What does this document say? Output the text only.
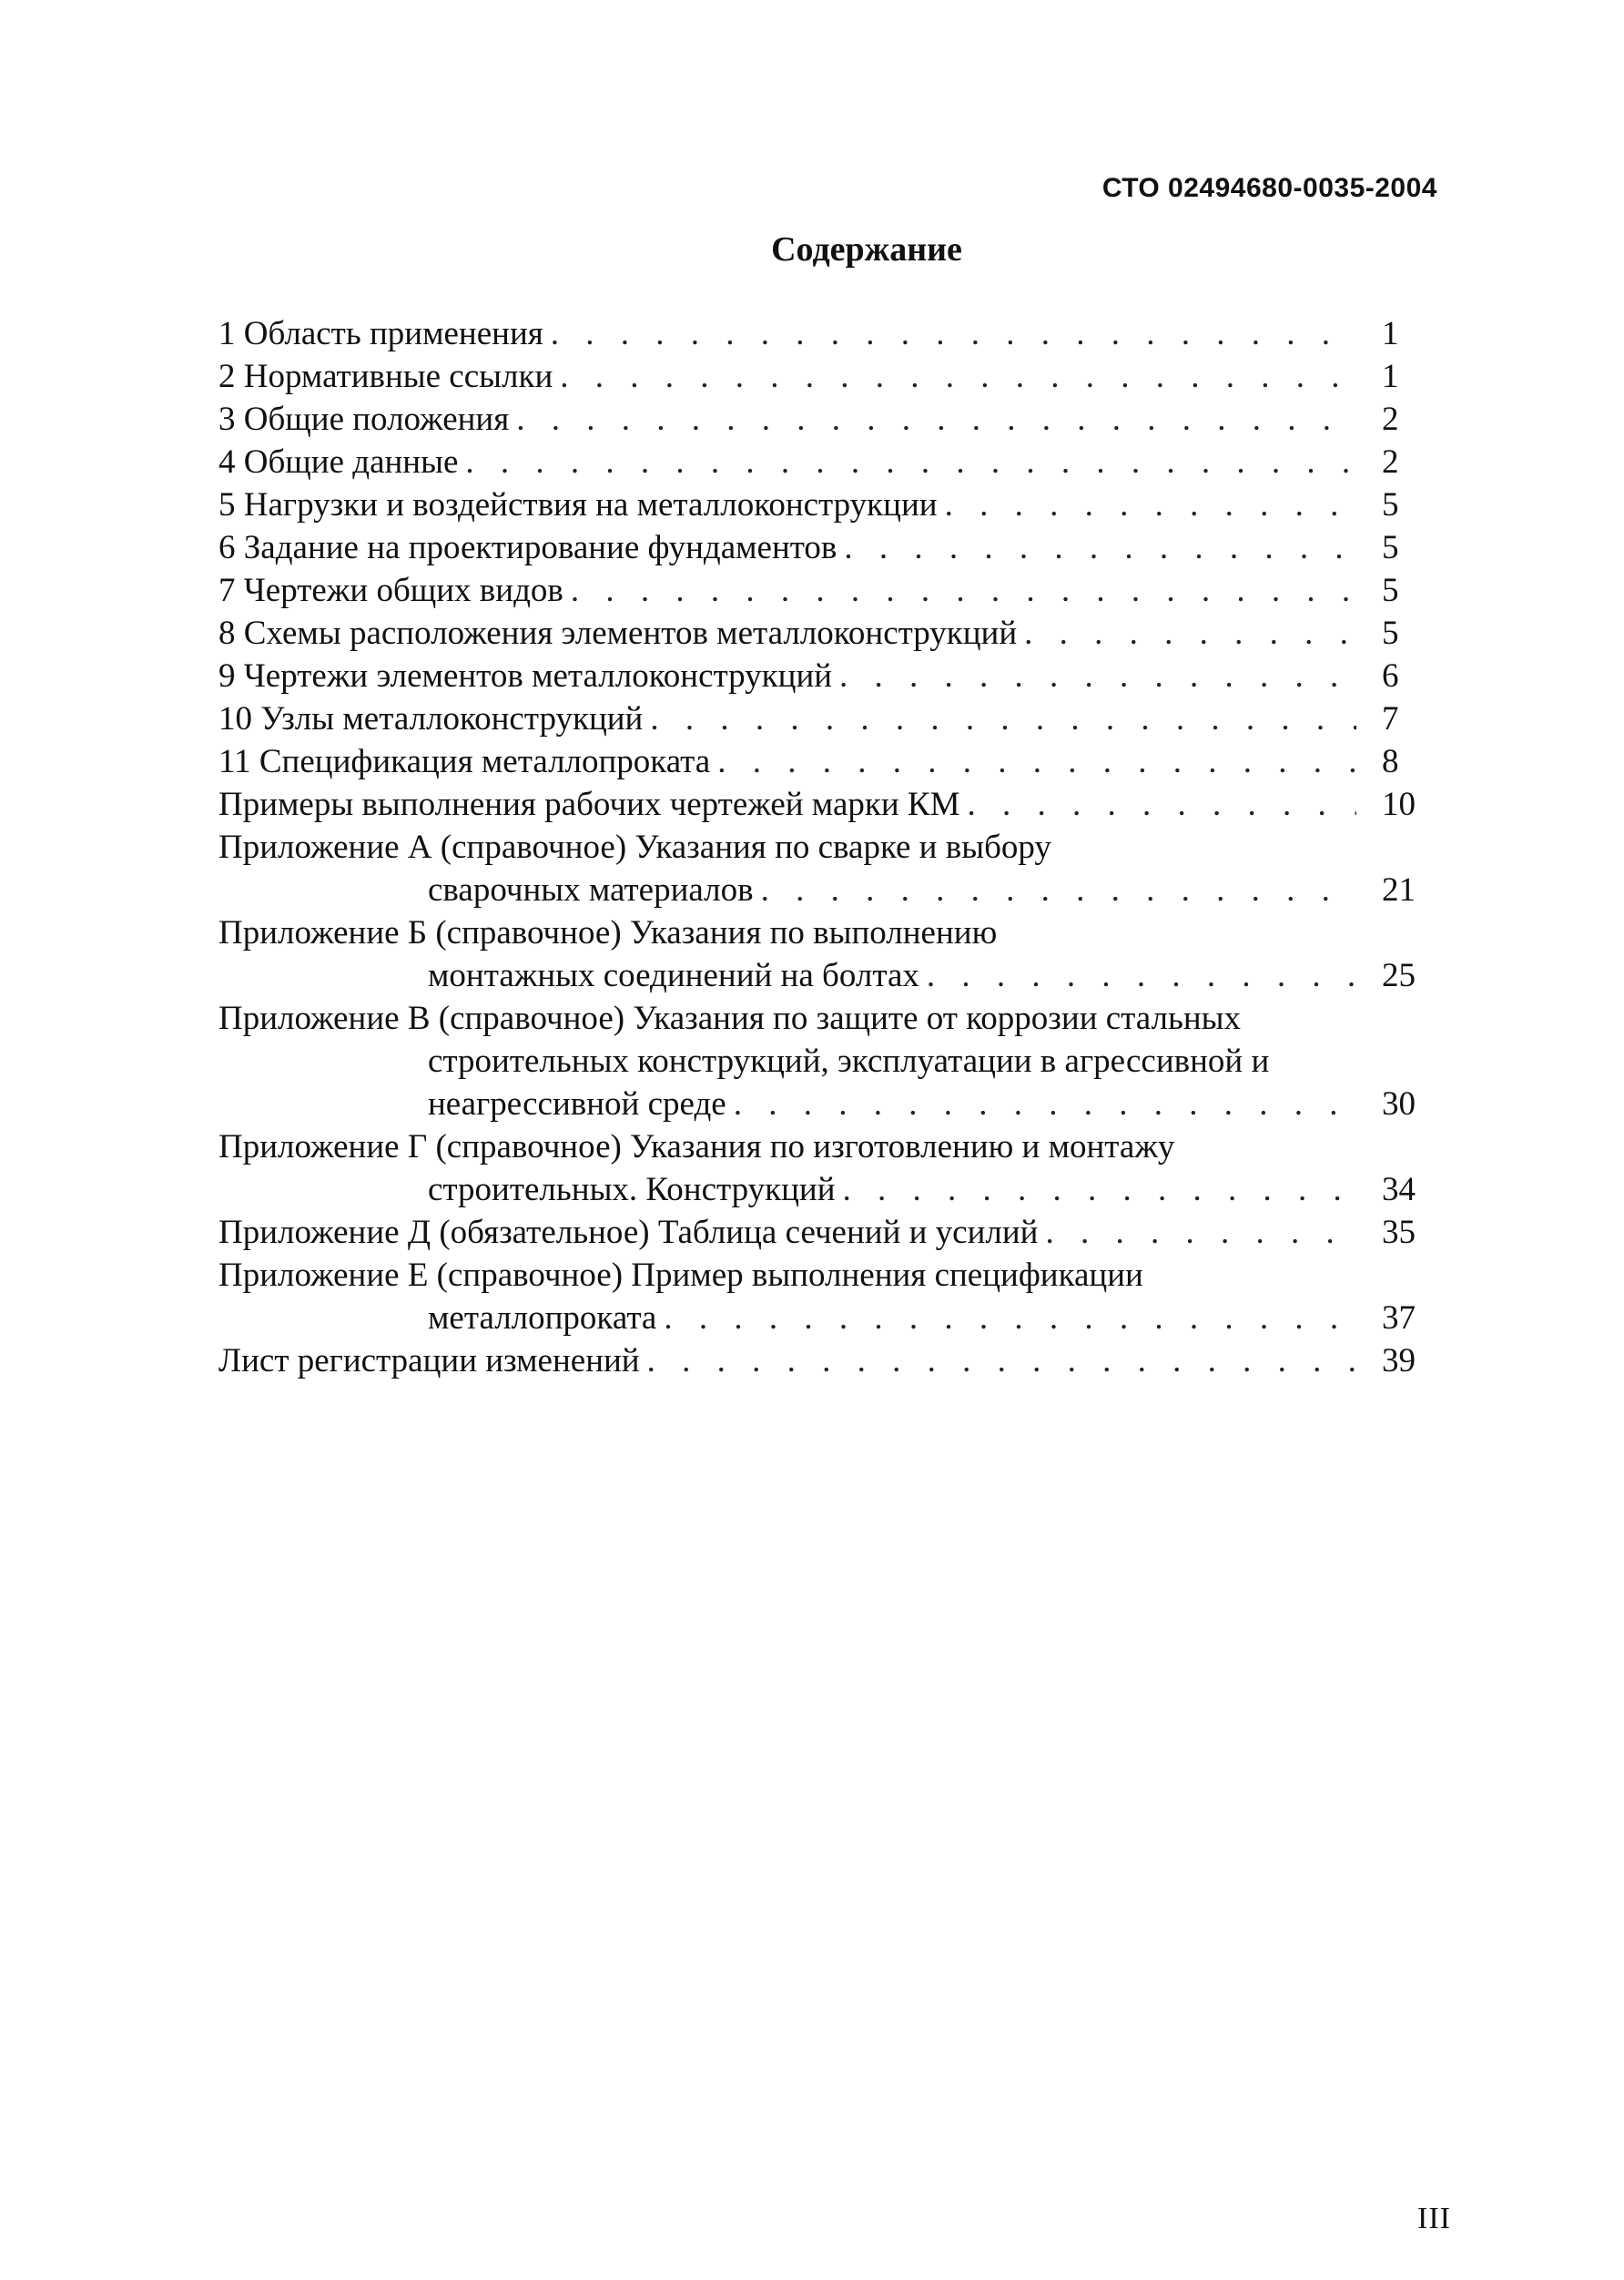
СТО 02494680-0035-2004
Содержание
1 Область применения . . .	1
2 Нормативные ссылки . . .	1
3 Общие положения . . .	2
4 Общие данные . . .	2
5 Нагрузки и воздействия на металлоконструкции . . .	5
6 Задание на проектирование фундаментов . . .	5
7 Чертежи общих видов . . .	5
8 Схемы расположения элементов металлоконструкций . . .	5
9 Чертежи элементов металлоконструкций . . .	6
10 Узлы металлоконструкций . . .	7
11 Спецификация металлопроката . . .	8
Примеры выполнения рабочих чертежей марки КМ . . .	10
Приложение А (справочное) Указания по сварке и выбору
сварочных материалов . . .	21
Приложение Б (справочное) Указания по выполнению
монтажных соединений на болтах . . .	25
Приложение В (справочное) Указания по защите от коррозии стальных
строительных конструкций, эксплуатации в агрессивной и
неагрессивной среде . . .	30
Приложение Г (справочное) Указания по изготовлению и монтажу
строительных. Конструкций . . .	34
Приложение Д (обязательное) Таблица сечений и усилий . . .	35
Приложение Е (справочное) Пример выполнения спецификации
металлопроката . . .	37
Лист регистрации изменений . . .	39
III
